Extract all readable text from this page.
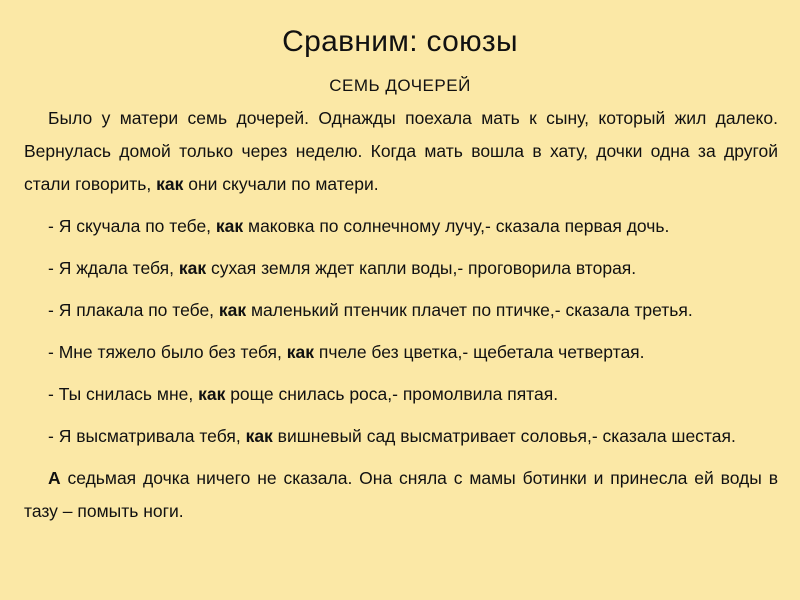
Сравним: союзы
СЕМЬ ДОЧЕРЕЙ

Было у матери семь дочерей. Однажды поехала мать к сыну, который жил далеко. Вернулась домой только через неделю. Когда мать вошла в хату, дочки одна за другой стали говорить, как они скучали по матери.

- Я скучала по тебе, как маковка по солнечному лучу,- сказала первая дочь.

- Я ждала тебя, как сухая земля ждет капли воды,- проговорила вторая.

- Я плакала по тебе, как маленький птенчик плачет по птичке,- сказала третья.

- Мне тяжело было без тебя, как пчеле без цветка,- щебетала четвертая.

- Ты снилась мне, как роще снилась роса,- промолвила пятая.

- Я высматривала тебя, как вишневый сад высматривает соловья,- сказала шестая.

А седьмая дочка ничего не сказала. Она сняла с мамы ботинки и принесла ей воды в тазу – помыть ноги.
